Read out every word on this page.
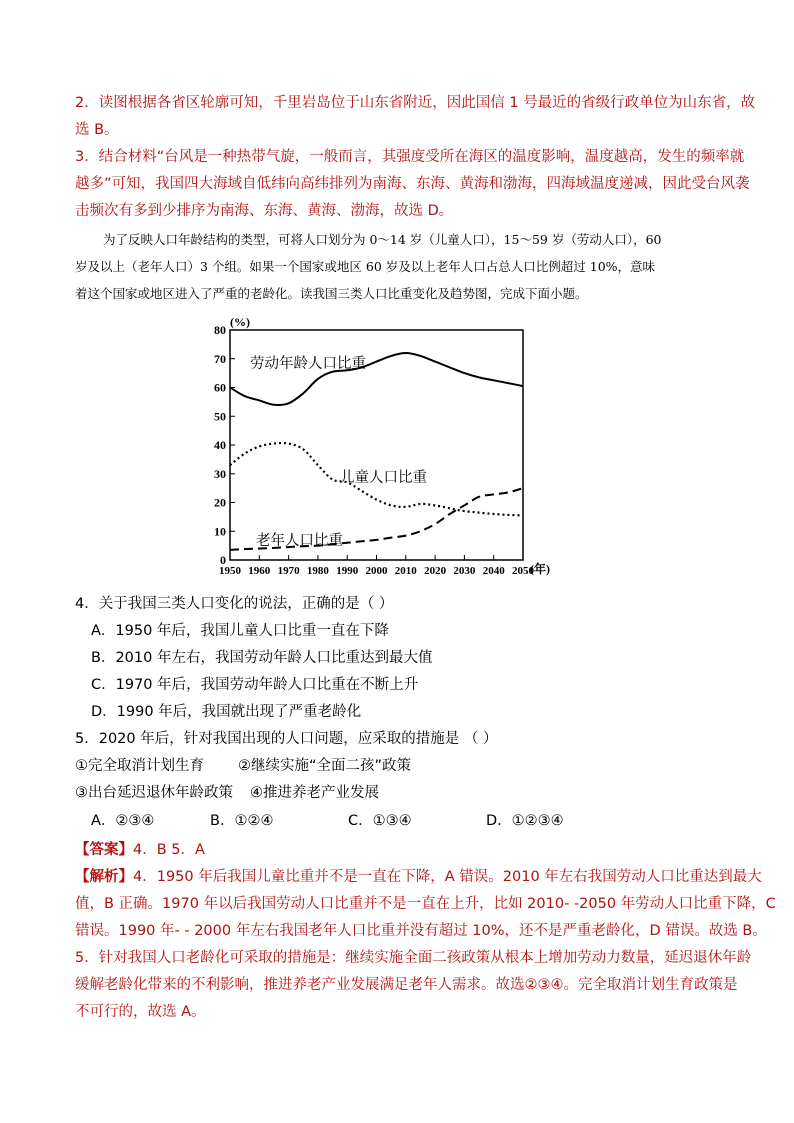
2．读图根据各省区轮廓可知，千里岩岛位于山东省附近，因此国信 1 号最近的省级行政单位为山东省，故
选 B。
3．结合材料“台风是一种热带气旋，一般而言，其强度受所在海区的温度影响，温度越高，发生的频率就
越多”可知，我国四大海域自低纬向高纬排列为南海、东海、黄海和渤海，四海域温度递减，因此受台风袭
击频次有多到少排序为南海、东海、黄海、渤海，故选 D。
为了反映人口年龄结构的类型，可将人口划分为 0～14 岁（儿童人口），15～59 岁（劳动人口），60
岁及以上（老年人口）3 个组。如果一个国家或地区 60 岁及以上老年人口占总人口比例超过 10%，意味
着这个国家或地区进入了严重的老龄化。读我国三类人口比重变化及趋势图，完成下面小题。
(%)
(年)
0
10
20
30
40
50
60
70
80
1950 1960 1970 1980 1990 2000 2010 2020 2030 2040 2050
劳动年龄人口比重
儿童人口比重
老年人口比重
4．关于我国三类人口变化的说法，正确的是（ ）
A．1950 年后，我国儿童人口比重一直在下降
B．2010 年左右，我国劳动年龄人口比重达到最大值
C．1970 年后，我国劳动年龄人口比重在不断上升
D．1990 年后，我国就出现了严重老龄化
5．2020 年后，针对我国出现的人口问题，应采取的措施是 （ ）
①完全取消计划生育 ②继续实施“全面二孩”政策
③出台延迟退休年龄政策 ④推进养老产业发展
A．②③④	B．①②④	C．①③④	D．①②③④
【答案】4．B 5．A
【解析】4．1950 年后我国儿童比重并不是一直在下降，A 错误。2010 年左右我国劳动人口比重达到最大
值，B 正确。1970 年以后我国劳动人口比重并不是一直在上升，比如 2010- -2050 年劳动人口比重下降，C
错误。1990 年- - 2000 年左右我国老年人口比重并没有超过 10%，还不是严重老龄化，D 错误。故选 B。
5．针对我国人口老龄化可采取的措施是：继续实施全面二孩政策从根本上增加劳动力数量，延迟退休年龄
缓解老龄化带来的不利影响，推进养老产业发展满足老年人需求。故选②③④。完全取消计划生育政策是
不可行的，故选 A。
